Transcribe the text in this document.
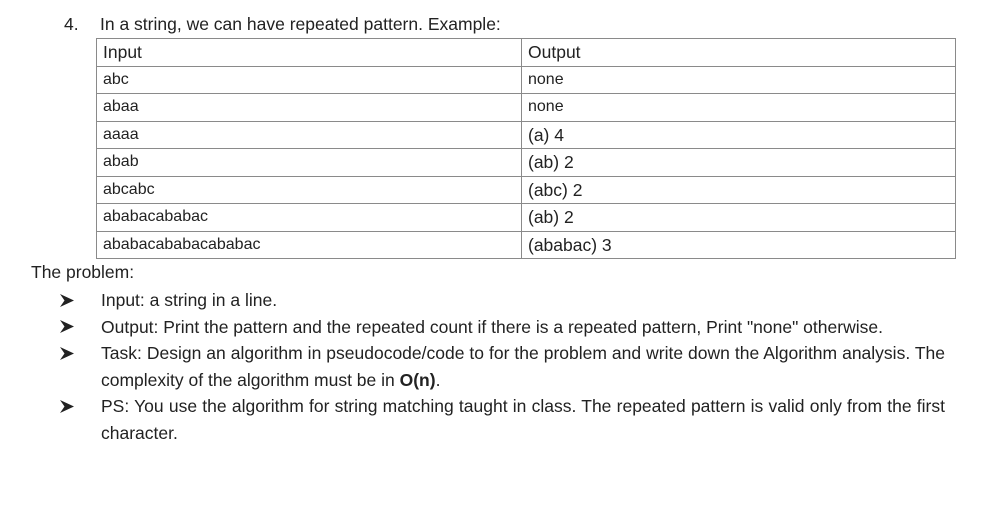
4. In a string, we can have repeated pattern. Example:
Input	Output
abc	none
abaa	none
aaaa	(a) 4
abab	(ab) 2
abcabc	(abc) 2
ababacababac	(ab) 2
ababacababacababac	(ababac) 3
The problem:
Input: a string in a line.
Output: Print the pattern and the repeated count if there is a repeated pattern, Print "none" otherwise.
Task: Design an algorithm in pseudocode/code to for the problem and write down the Algorithm analysis. The complexity of the algorithm must be in O(n).
PS: You use the algorithm for string matching taught in class. The repeated pattern is valid only from the first character.
